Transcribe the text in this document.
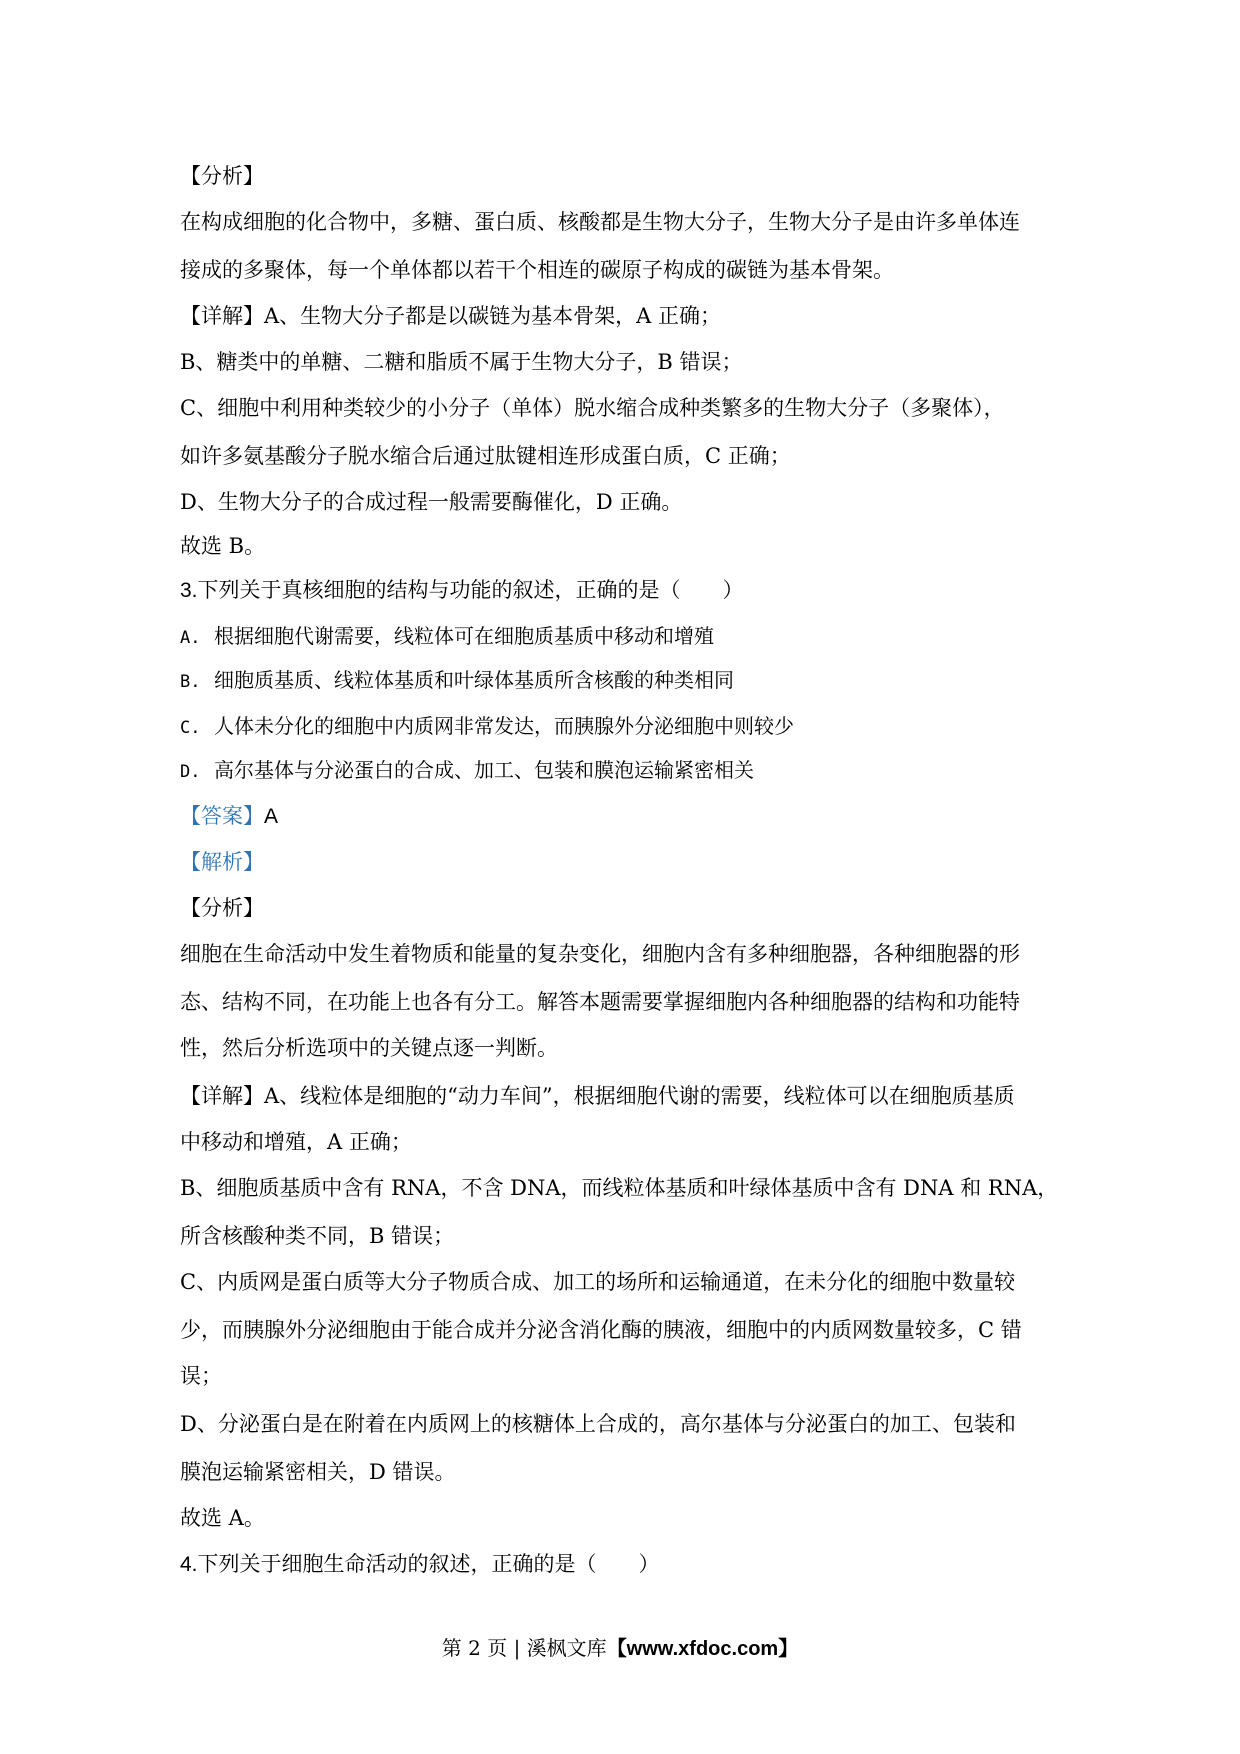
【分析】
在构成细胞的化合物中，多糖、蛋白质、核酸都是生物大分子，生物大分子是由许多单体连
接成的多聚体，每一个单体都以若干个相连的碳原子构成的碳链为基本骨架。
【详解】A、生物大分子都是以碳链为基本骨架，A 正确；
B、糖类中的单糖、二糖和脂质不属于生物大分子，B 错误；
C、细胞中利用种类较少的小分子（单体）脱水缩合成种类繁多的生物大分子（多聚体），
如许多氨基酸分子脱水缩合后通过肽键相连形成蛋白质，C 正确；
D、生物大分子的合成过程一般需要酶催化，D 正确。
故选 B。
3.下列关于真核细胞的结构与功能的叙述，正确的是（　　）
A. 根据细胞代谢需要，线粒体可在细胞质基质中移动和增殖
B. 细胞质基质、线粒体基质和叶绿体基质所含核酸的种类相同
C. 人体未分化的细胞中内质网非常发达，而胰腺外分泌细胞中则较少
D. 高尔基体与分泌蛋白的合成、加工、包装和膜泡运输紧密相关
【答案】A
【解析】
【分析】
细胞在生命活动中发生着物质和能量的复杂变化，细胞内含有多种细胞器，各种细胞器的形
态、结构不同，在功能上也各有分工。解答本题需要掌握细胞内各种细胞器的结构和功能特
性，然后分析选项中的关键点逐一判断。
【详解】A、线粒体是细胞的“动力车间”，根据细胞代谢的需要，线粒体可以在细胞质基质
中移动和增殖，A 正确；
B、细胞质基质中含有 RNA，不含 DNA，而线粒体基质和叶绿体基质中含有 DNA 和 RNA，
所含核酸种类不同，B 错误；
C、内质网是蛋白质等大分子物质合成、加工的场所和运输通道，在未分化的细胞中数量较
少，而胰腺外分泌细胞由于能合成并分泌含消化酶的胰液，细胞中的内质网数量较多，C 错
误；
D、分泌蛋白是在附着在内质网上的核糖体上合成的，高尔基体与分泌蛋白的加工、包装和
膜泡运输紧密相关，D 错误。
故选 A。
4.下列关于细胞生命活动的叙述，正确的是（　　）
第 2 页 | 溪枫文库【www.xfdoc.com】
